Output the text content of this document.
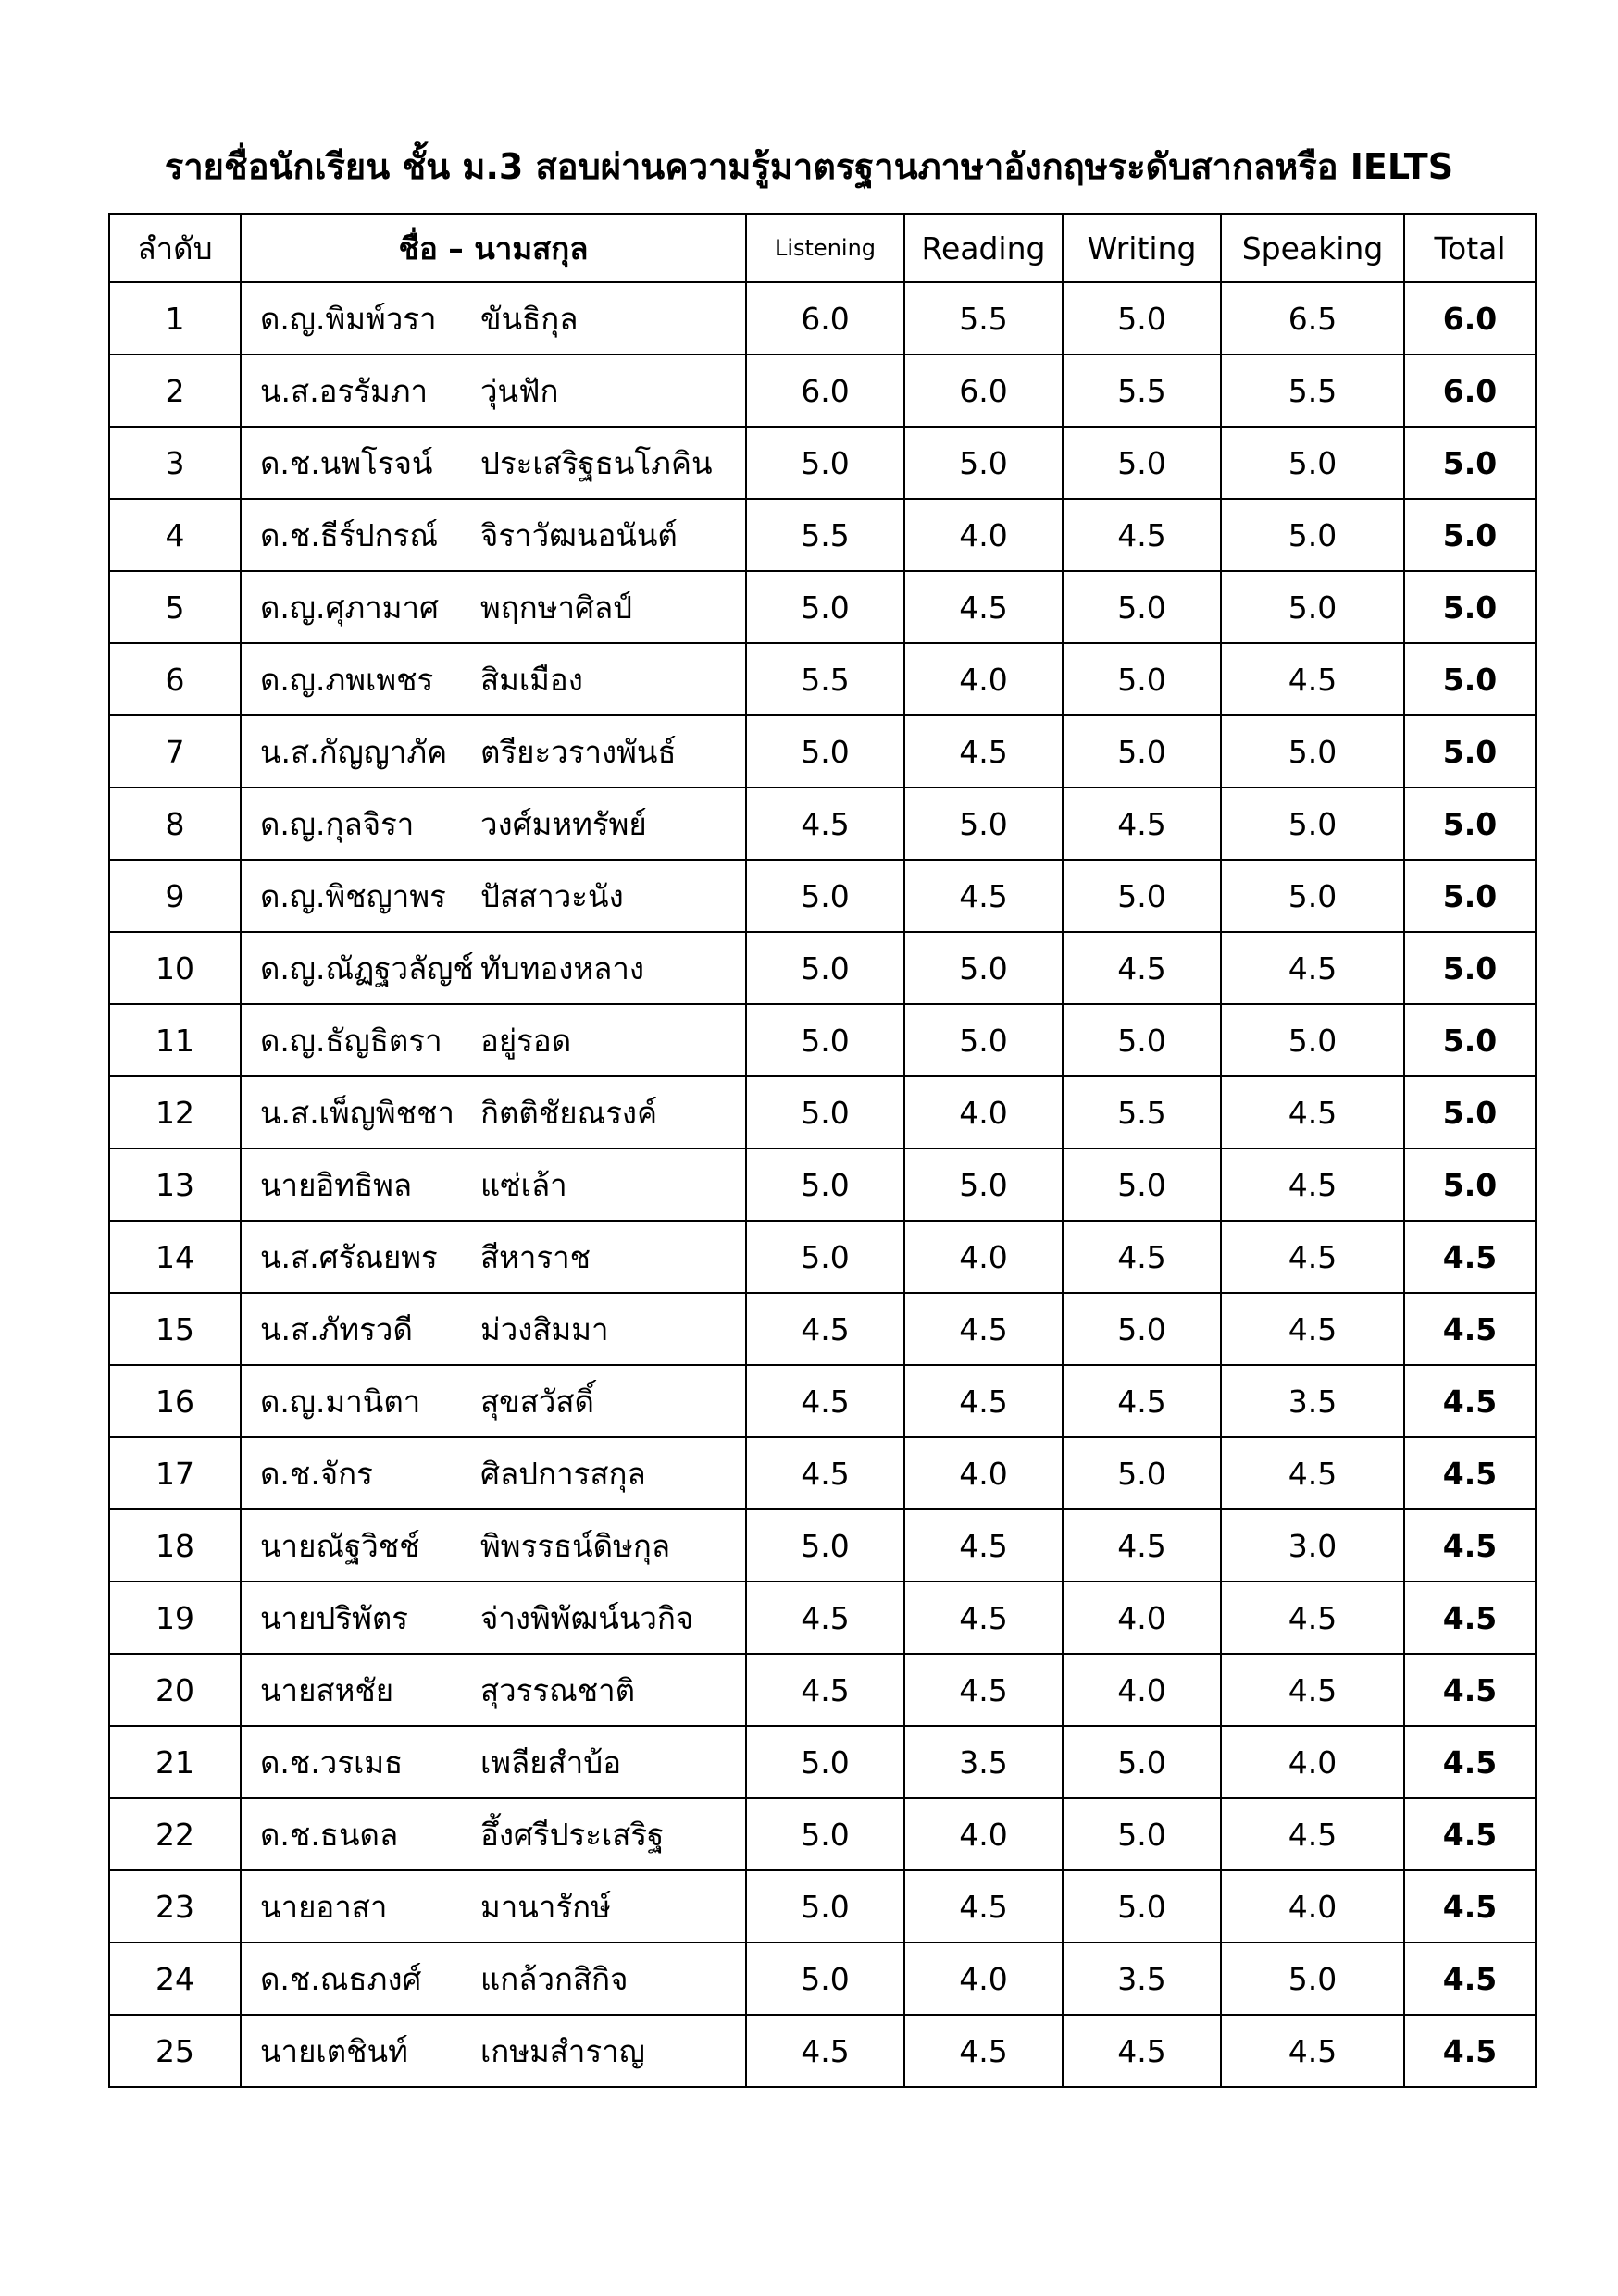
รายชื่อนักเรียน ชั้น ม.3 สอบผ่านความรู้มาตรฐานภาษาอังกฤษระดับสากลหรือ IELTS
ลำดับ	ชื่อ – นามสกุล	Listening	Reading	Writing	Speaking	Total
1	ด.ญ.พิมพ์วรา ขันธิกุล	6.0	5.5	5.0	6.5	6.0
2	น.ส.อรรัมภา วุ่นฟัก	6.0	6.0	5.5	5.5	6.0
3	ด.ช.นพโรจน์ ประเสริฐธนโภคิน	5.0	5.0	5.0	5.0	5.0
4	ด.ช.ธีร์ปกรณ์ จิราวัฒนอนันต์	5.5	4.0	4.5	5.0	5.0
5	ด.ญ.ศุภามาศ พฤกษาศิลป์	5.0	4.5	5.0	5.0	5.0
6	ด.ญ.ภพเพชร สิมเมือง	5.5	4.0	5.0	4.5	5.0
7	น.ส.กัญญาภัค ตรียะวรางพันธ์	5.0	4.5	5.0	5.0	5.0
8	ด.ญ.กุลจิรา วงศ์มหทรัพย์	4.5	5.0	4.5	5.0	5.0
9	ด.ญ.พิชญาพร ปัสสาวะนัง	5.0	4.5	5.0	5.0	5.0
10	ด.ญ.ณัฏฐวลัญช์ ทับทองหลาง	5.0	5.0	4.5	4.5	5.0
11	ด.ญ.ธัญธิตรา อยู่รอด	5.0	5.0	5.0	5.0	5.0
12	น.ส.เพ็ญพิชชา กิตติชัยณรงค์	5.0	4.0	5.5	4.5	5.0
13	นายอิทธิพล แซ่เล้า	5.0	5.0	5.0	4.5	5.0
14	น.ส.ศรัณยพร สีหาราช	5.0	4.0	4.5	4.5	4.5
15	น.ส.ภัทรวดี ม่วงสิมมา	4.5	4.5	5.0	4.5	4.5
16	ด.ญ.มานิตา สุขสวัสดิ์	4.5	4.5	4.5	3.5	4.5
17	ด.ช.จักร ศิลปการสกุล	4.5	4.0	5.0	4.5	4.5
18	นายณัฐวิชช์ พิพรรธน์ดิษกุล	5.0	4.5	4.5	3.0	4.5
19	นายปริพัตร จ่างพิพัฒน์นวกิจ	4.5	4.5	4.0	4.5	4.5
20	นายสหชัย สุวรรณชาติ	4.5	4.5	4.0	4.5	4.5
21	ด.ช.วรเมธ เพลียสำบ้อ	5.0	3.5	5.0	4.0	4.5
22	ด.ช.ธนดล อึ้งศรีประเสริฐ	5.0	4.0	5.0	4.5	4.5
23	นายอาสา มานารักษ์	5.0	4.5	5.0	4.0	4.5
24	ด.ช.ณธภงศ์ แกล้วกสิกิจ	5.0	4.0	3.5	5.0	4.5
25	นายเตชินท์ เกษมสำราญ	4.5	4.5	4.5	4.5	4.5
